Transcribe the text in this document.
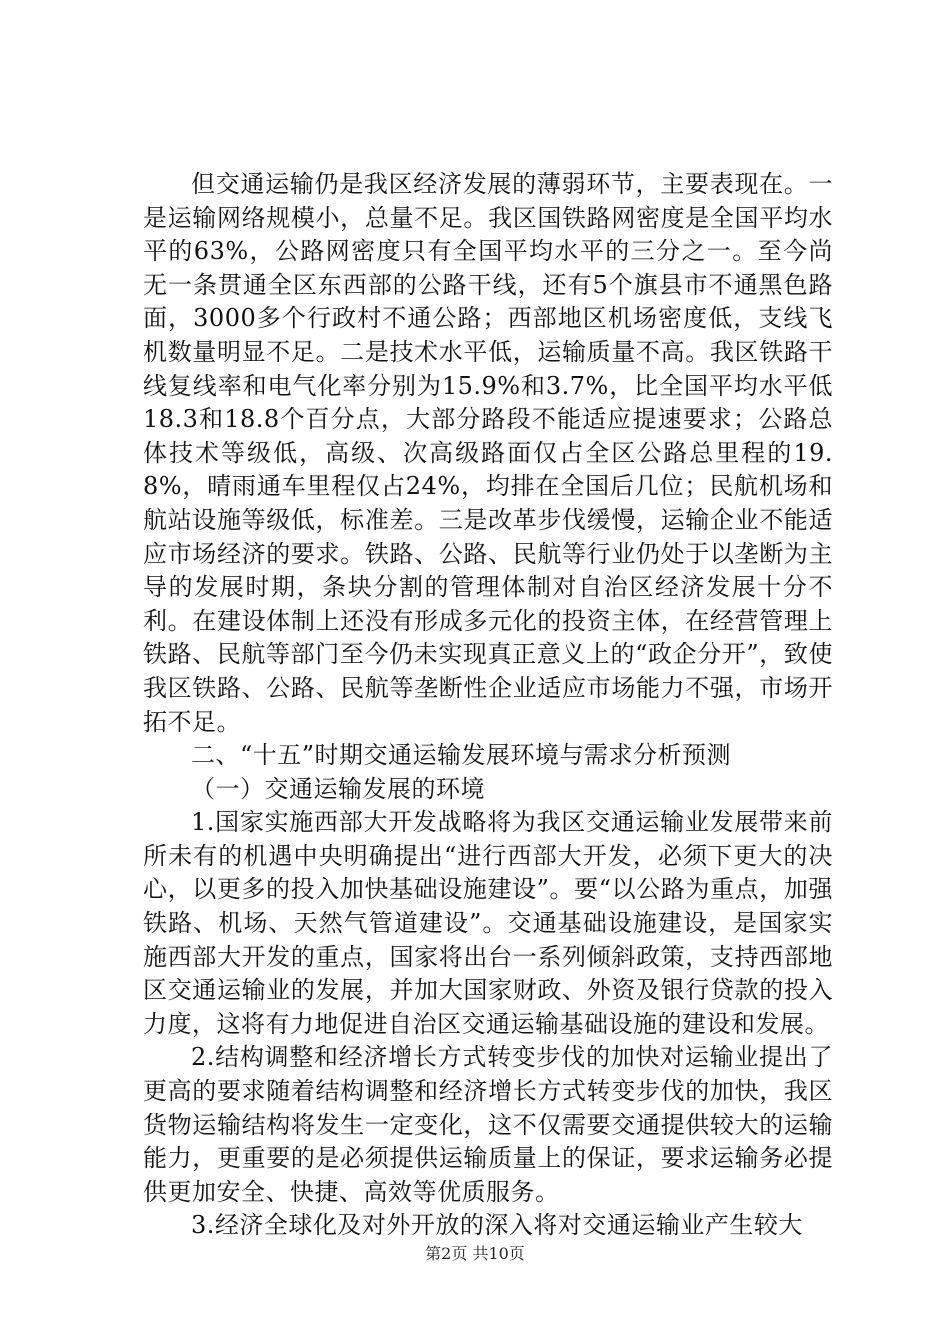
但交通运输仍是我区经济发展的薄弱环节，主要表现在。一是运输网络规模小，总量不足。我区国铁路网密度是全国平均水平的63%，公路网密度只有全国平均水平的三分之一。至今尚无一条贯通全区东西部的公路干线，还有5个旗县市不通黑色路面，3000多个行政村不通公路；西部地区机场密度低，支线飞机数量明显不足。二是技术水平低，运输质量不高。我区铁路干线复线率和电气化率分别为15.9%和3.7%，比全国平均水平低18.3和18.8个百分点，大部分路段不能适应提速要求；公路总体技术等级低，高级、次高级路面仅占全区公路总里程的19.8%，晴雨通车里程仅占24%，均排在全国后几位；民航机场和航站设施等级低，标准差。三是改革步伐缓慢，运输企业不能适应市场经济的要求。铁路、公路、民航等行业仍处于以垄断为主导的发展时期，条块分割的管理体制对自治区经济发展十分不利。在建设体制上还没有形成多元化的投资主体，在经营管理上铁路、民航等部门至今仍未实现真正意义上的“政企分开”，致使我区铁路、公路、民航等垄断性企业适应市场能力不强，市场开拓不足。

二、“十五”时期交通运输发展环境与需求分析预测

（一）交通运输发展的环境

1.国家实施西部大开发战略将为我区交通运输业发展带来前所未有的机遇中央明确提出“进行西部大开发，必须下更大的决心，以更多的投入加快基础设施建设”。要“以公路为重点，加强铁路、机场、天然气管道建设”。交通基础设施建设，是国家实施西部大开发的重点，国家将出台一系列倾斜政策，支持西部地区交通运输业的发展，并加大国家财政、外资及银行贷款的投入力度，这将有力地促进自治区交通运输基础设施的建设和发展。

2.结构调整和经济增长方式转变步伐的加快对运输业提出了更高的要求随着结构调整和经济增长方式转变步伐的加快，我区货物运输结构将发生一定变化，这不仅需要交通提供较大的运输能力，更重要的是必须提供运输质量上的保证，要求运输务必提供更加安全、快捷、高效等优质服务。

3.经济全球化及对外开放的深入将对交通运输业产生较大

第2页 共10页
